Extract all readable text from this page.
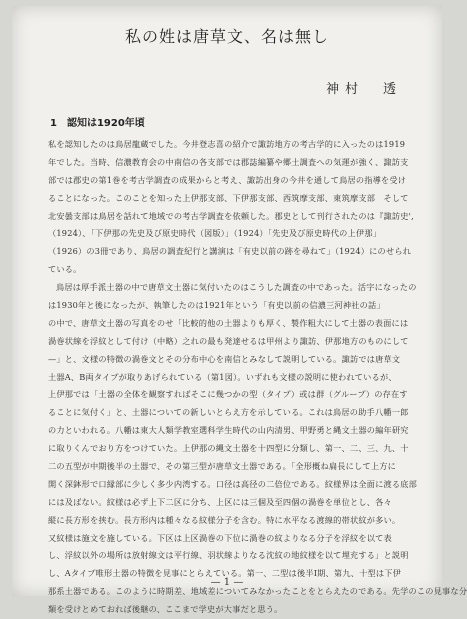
私の姓は唐草文、名は無し
神村　透
1　認知は1920年頃

私を認知したのは鳥居龍蔵でした。今井登志喜の紹介で諏訪地方の考古学的に入ったのは1919

年でした。当時、信濃教育会の中南信の各支部では郡誌編纂や郷土調査への気運が強く、諏訪支

部では郡史の第1巻を考古学調査の成果からと考え、諏訪出身の今井を通して鳥居の指導を受け

ることになった。このことを知った上伊那支部、下伊那支部、西筑摩支部、東筑摩支部　そして

北安曇支部は鳥居を話れて地域での考古学調査を依頼した。郡史として刊行されたのは『諏訪史',

（1924）、「下伊那の先史及び原史時代（図版）」（1924）「先史及び原史時代の上伊那」

（1926）の3冊であり、鳥居の調査紀行と講演は「有史以前の跡を尋ねて」（1924）にのせられ

ている。

鳥居は厚手派土器の中で唐草文土器に気付いたのはこうした調査の中であった。活字になったの

は1930年と後になったが、執筆したのは1921年という「有史以前の信濃三河神社の話」

の中で、唐草文土器の写真をのせ「比較的他の土器よりも厚く、製作粗大にして土器の表面には

渦巻状線を浮紋として付け（中略）之れの最も発達せるは甲州より諏訪、伊那地方のものにして

—」と、文様の特徴の渦巻文とその分布中心を南信とみなして説明している。諏訪では唐草文

土器A、B両タイプが取りあげられている（第1図）。いずれも文様の説明に使われているが、

上伊那では「土器の全体を観察すればそこに幾つかの型（タイプ）或は群（グループ）の存在す

ることに気付く」と、土器についての新しいとらえ方を示している。これは鳥居の助手八幡一郎

の力といわれる。八幡は東大人類学教室選科学生時代の山内清男、甲野勇と縄文土器の編年研究

に取りくんでおり方をつけていた。上伊那の縄文土器を十四型に分類し、第一、二、三、九、十

二の五型が中期後半の土器で、その第三型が唐草文土器である。「全形概ね扁長にして上方に

開く深鉢形で口縁部に少しく多少内湾する。口径は高径の二倍位である。紋様界は全面に渡る底部

には及ばない。紋様は必ず上下二区に分ち、上区には三個及至四個の渦巻を単位とし、各々

縦に長方形を挟む。長方形内は種々なる紋様分子を含む。特に水平なる渡線的帯状紋が多い。

又紋様は施文を施している。下区は上区渦巻の下位に渦巻の紋よりなる分子を浮紋を以て表

し、浮紋以外の場所は放射線文は平行線、羽状線よりなる沈紋の地紋様を以て埋充する」と説明

し、Aタイプ唯形土器の特徴を見事にとらえている。第一、二型は後半Ⅰ期、第九、十型は下伊

那系土器である。このように時期差、地域差についてみなかったことをとらえたのである。先学のこの見事な分

類を受けとめておれば後継の、ここまで学史が大事だと思う。

— 1 —
